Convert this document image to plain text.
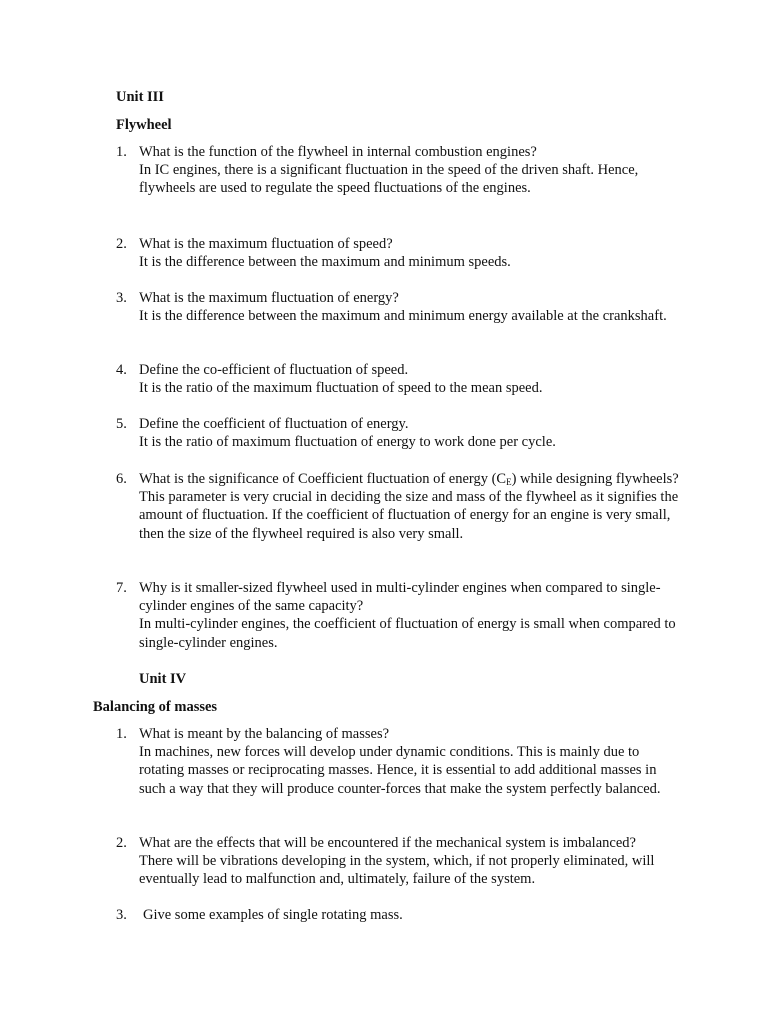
Unit III
Flywheel
1. What is the function of the flywheel in internal combustion engines?
In IC engines, there is a significant fluctuation in the speed of the driven shaft. Hence, flywheels are used to regulate the speed fluctuations of the engines.
2. What is the maximum fluctuation of speed?
It is the difference between the maximum and minimum speeds.
3. What is the maximum fluctuation of energy?
It is the difference between the maximum and minimum energy available at the crankshaft.
4. Define the co-efficient of fluctuation of speed.
It is the ratio of the maximum fluctuation of speed to the mean speed.
5. Define the coefficient of fluctuation of energy.
It is the ratio of maximum fluctuation of energy to work done per cycle.
6. What is the significance of Coefficient fluctuation of energy $(C_E)$ while designing flywheels?
This parameter is very crucial in deciding the size and mass of the flywheel as it signifies the amount of fluctuation. If the coefficient of fluctuation of energy for an engine is very small, then the size of the flywheel required is also very small.
7. Why is it smaller-sized flywheel used in multi-cylinder engines when compared to single-cylinder engines of the same capacity?
In multi-cylinder engines, the coefficient of fluctuation of energy is small when compared to single-cylinder engines.
Unit IV
Balancing of masses
1. What is meant by the balancing of masses?
In machines, new forces will develop under dynamic conditions. This is mainly due to rotating masses or reciprocating masses. Hence, it is essential to add additional masses in such a way that they will produce counter-forces that make the system perfectly balanced.
2. What are the effects that will be encountered if the mechanical system is imbalanced?
There will be vibrations developing in the system, which, if not properly eliminated, will eventually lead to malfunction and, ultimately, failure of the system.
3. Give some examples of single rotating mass.
